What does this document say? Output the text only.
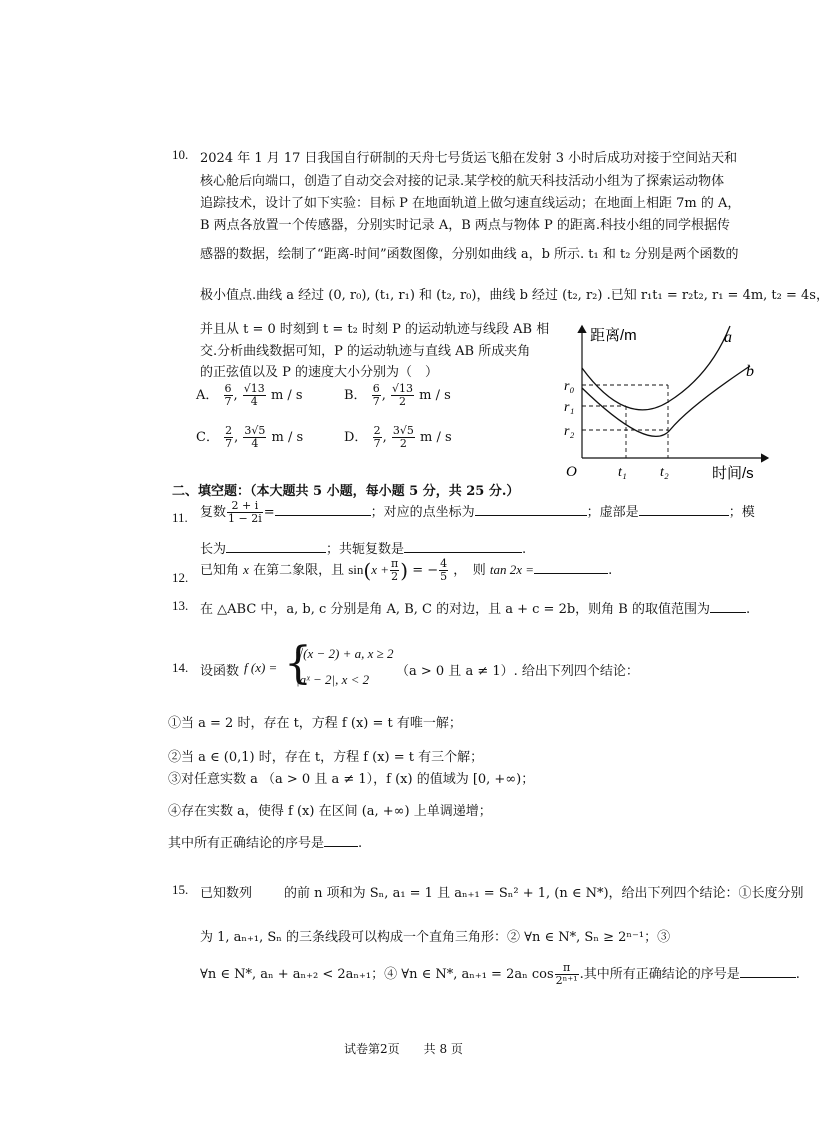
10. 2024 年 1 月 17 日我国自行研制的天舟七号货运飞船在发射 3 小时后成功对接于空间站天和
核心舱后向端口，创造了自动交会对接的记录.某学校的航天科技活动小组为了探索运动物体
追踪技术，设计了如下实验：目标 P 在地面轨道上做匀速直线运动；在地面上相距 7m 的 A，
B 两点各放置一个传感器，分别实时记录 A，B 两点与物体 P 的距离.科技小组的同学根据传
感器的数据，绘制了“距离-时间”函数图像，分别如曲线 a，b 所示. t₁ 和 t₂ 分别是两个函数的
极小值点.曲线 a 经过 (0, r₀), (t₁, r₁) 和 (t₂, r₀)，曲线 b 经过 (t₂, r₂) .已知 r₁t₁ = r₂t₂, r₁ = 4m, t₂ = 4s，
并且从 t = 0 时刻到 t = t₂ 时刻 P 的运动轨迹与线段 AB 相
交.分析曲线数据可知，P 的运动轨迹与直线 AB 所成夹角
的正弦值以及 P 的速度大小分别为（　）
A． $\frac{6}{7}$ , $\frac{√13}{4}$ m / s	B． $\frac{6}{7}$ , $\frac{√13}{2}$ m / s
C． $\frac{2}{7}$ , $\frac{3√5}{4}$ m / s	D． $\frac{2}{7}$ , $\frac{3√5}{2}$ m / s
距离/m
时间/s
O
a
b
r₀
r₁
r₂
t₁ t₂
二、填空题：（本大题共 5 小题，每小题 5 分，共 25 分.）
11. 复数 $\frac{2 + i}{1 - 2i}$ =	；对应的点坐标为	；虚部是	；模
长为	；共轭复数是	.
12. 已知角 x 在第二象限，且 $\sin(x + \frac{\pi}{2}$ ) = − $\frac{4}{5}$ ，　则 tan 2x =	.
13. 在 △ABC 中，a, b, c 分别是角 A, B, C 的对边，且 a + c = 2b，则角 B 的取值范围为	.
14. 设函数 f (x) = {
√(x − 2) + a, x ≥ 2
|aˣ − 2|, x < 2
（a > 0 且 a ≠ 1）. 给出下列四个结论：
①当 a = 2 时，存在 t，方程 f (x) = t 有唯一解；
②当 a ∈ (0,1) 时，存在 t，方程 f (x) = t 有三个解；
③对任意实数 a （a > 0 且 a ≠ 1），f (x) 的值域为 [0, +∞)；
④存在实数 a，使得 f (x) 在区间 (a, +∞) 上单调递增；
其中所有正确结论的序号是	.
15. 已知数列 的前 n 项和为 Sₙ, a₁ = 1 且 aₙ₊₁ = Sₙ² + 1, (n ∈ N*)，给出下列四个结论：①长度分别
为 1, aₙ₊₁, Sₙ 的三条线段可以构成一个直角三角形：② ∀n ∈ N*, Sₙ ≥ 2ⁿ⁻¹；③
∀n ∈ N*, aₙ + aₙ₊₂ < 2aₙ₊₁；④ ∀n ∈ N*, aₙ₊₁ = 2aₙ $\cos \frac{\pi}{\text{2ⁿ⁺¹}}$ .其中所有正确结论的序号是	.
试卷第2页　　共 8 页
